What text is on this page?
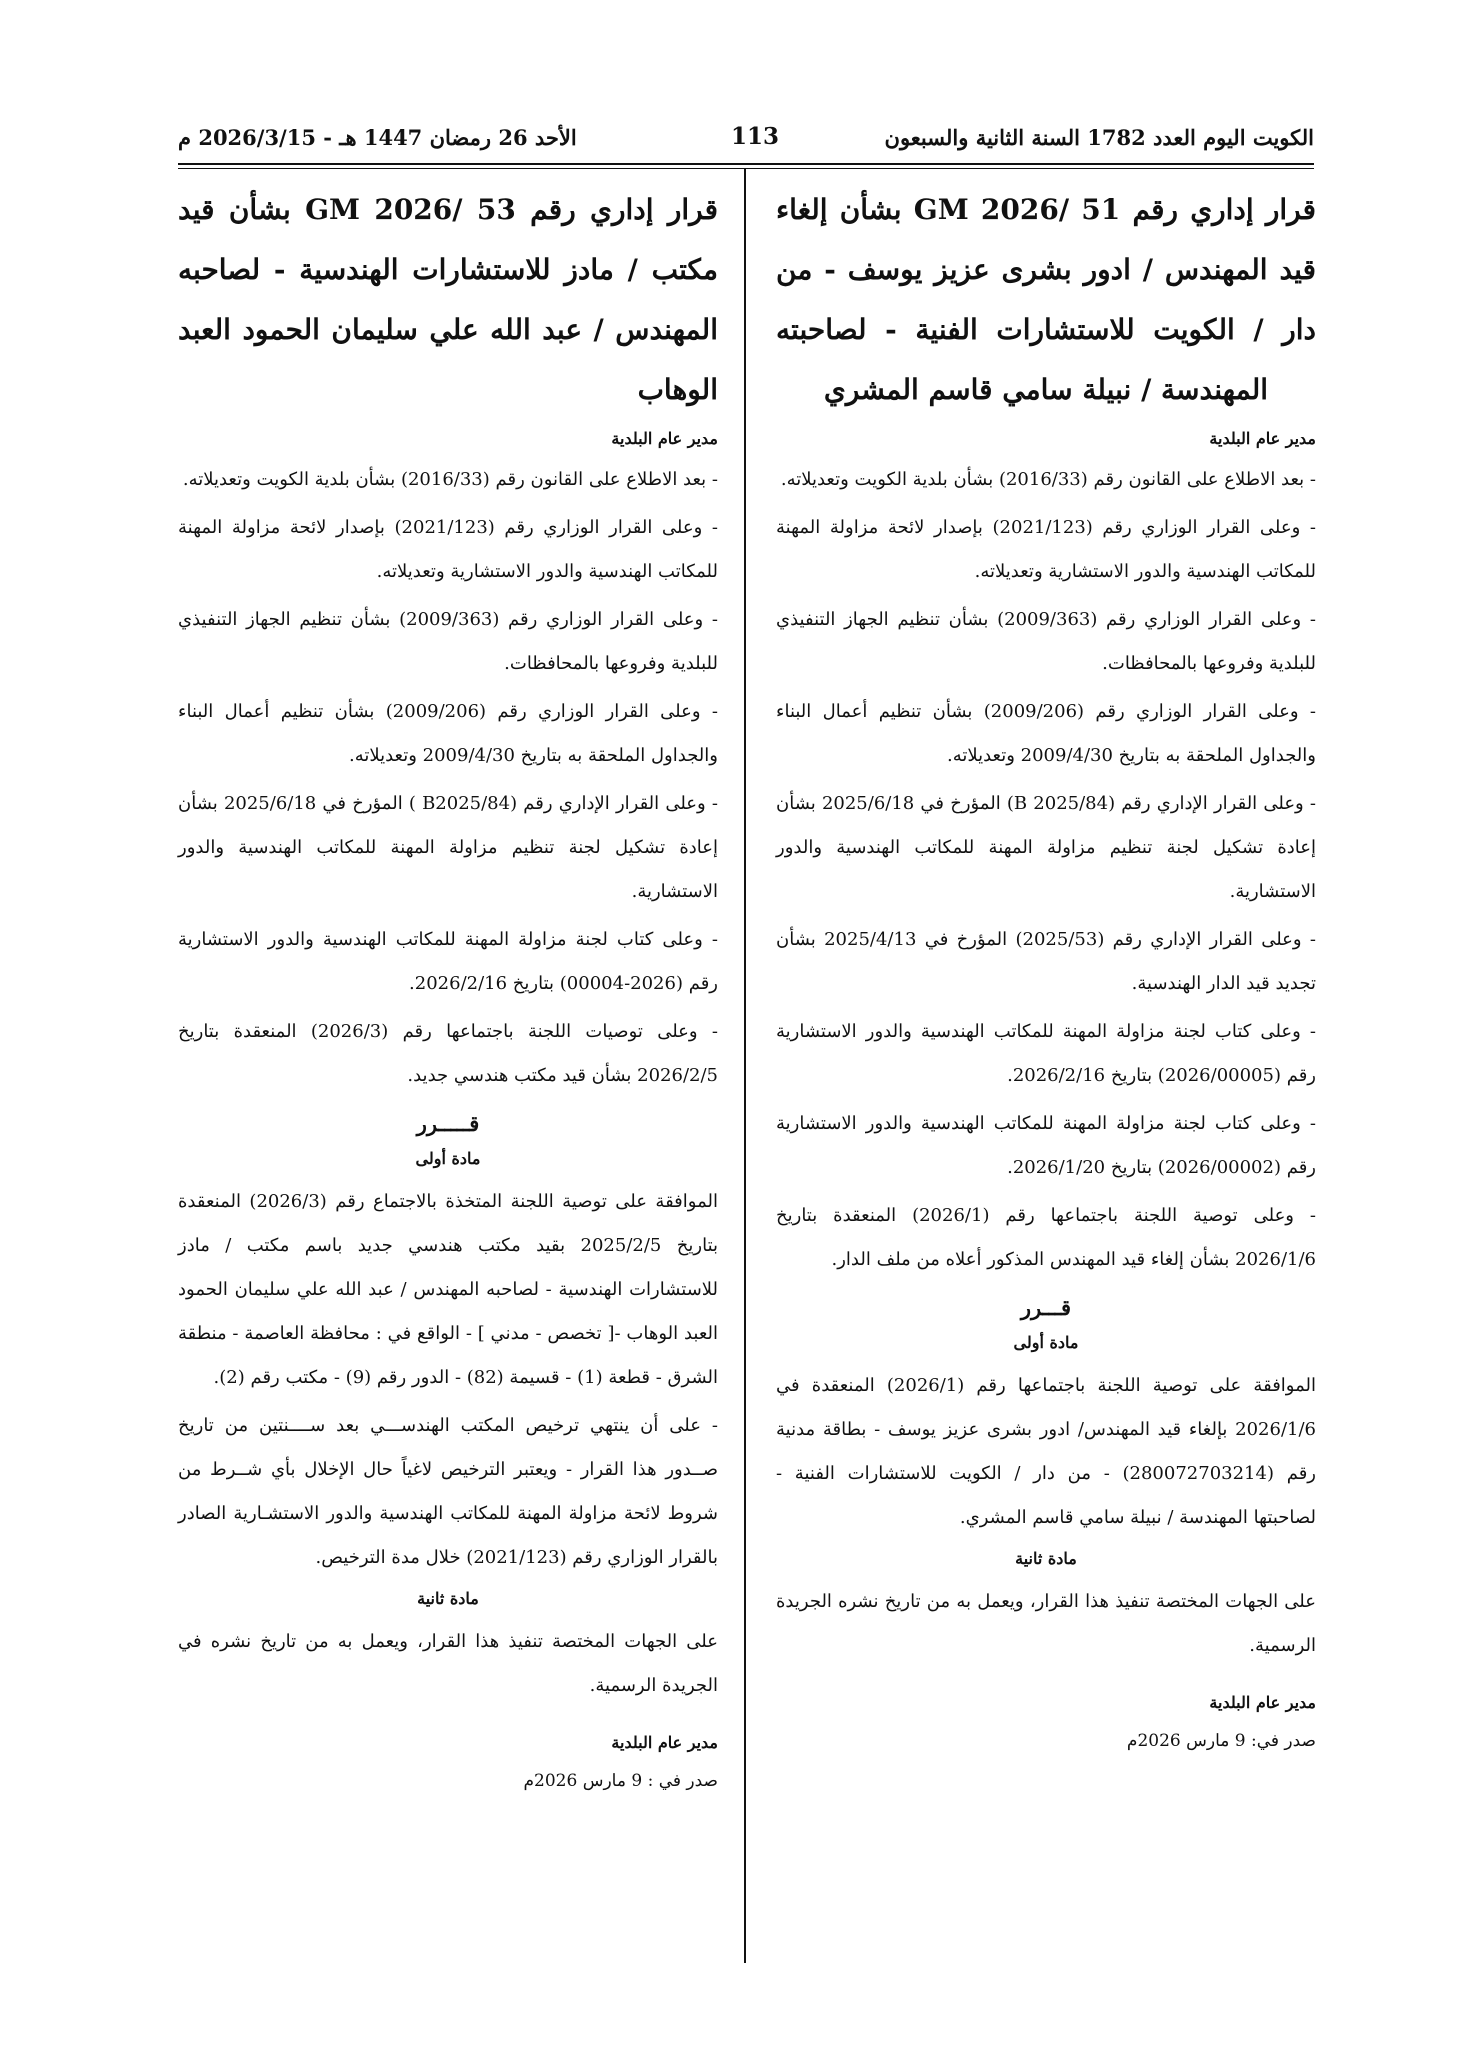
الأحد 26 رمضان 1447 هـ - 2026/3/15 م	113	الكويت اليوم العدد 1782 السنة الثانية والسبعون
قرار إداري رقم 51 /GM 2026 بشأن إلغاء قيد المهندس / ادور بشرى عزيز يوسف - من دار / الكويت للاستشارات الفنية - لصاحبته المهندسة / نبيلة سامي قاسم المشري
مدير عام البلدية
- بعد الاطلاع على القانون رقم (2016/33) بشأن بلدية الكويت وتعديلاته.
- وعلى القرار الوزاري رقم (2021/123) بإصدار لائحة مزاولة المهنة للمكاتب الهندسية والدور الاستشارية وتعديلاته.
- وعلى القرار الوزاري رقم (2009/363) بشأن تنظيم الجهاز التنفيذي للبلدية وفروعها بالمحافظات.
- وعلى القرار الوزاري رقم (2009/206) بشأن تنظيم أعمال البناء والجداول الملحقة به بتاريخ 2009/4/30 وتعديلاته.
- وعلى القرار الإداري رقم (B 2025/84) المؤرخ في 2025/6/18 بشأن إعادة تشكيل لجنة تنظيم مزاولة المهنة للمكاتب الهندسية والدور الاستشارية.
- وعلى القرار الإداري رقم (2025/53) المؤرخ في 2025/4/13 بشأن تجديد قيد الدار الهندسية.
- وعلى كتاب لجنة مزاولة المهنة للمكاتب الهندسية والدور الاستشارية رقم (2026/00005) بتاريخ 2026/2/16.
- وعلى كتاب لجنة مزاولة المهنة للمكاتب الهندسية والدور الاستشارية رقم (2026/00002) بتاريخ 2026/1/20.
- وعلى توصية اللجنة باجتماعها رقم (2026/1) المنعقدة بتاريخ 2026/1/6 بشأن إلغاء قيد المهندس المذكور أعلاه من ملف الدار.
قـــرر
مادة أولى
الموافقة على توصية اللجنة باجتماعها رقم (2026/1) المنعقدة في 2026/1/6 بإلغاء قيد المهندس/ ادور بشرى عزيز يوسف - بطاقة مدنية رقم (280072703214) - من دار / الكويت للاستشارات الفنية - لصاحبتها المهندسة / نبيلة سامي قاسم المشري.
مادة ثانية
على الجهات المختصة تنفيذ هذا القرار، ويعمل به من تاريخ نشره الجريدة الرسمية.
مدير عام البلدية
صدر في: 9 مارس 2026م
قرار إداري رقم 53 /GM 2026 بشأن قيد مكتب / مادز للاستشارات الهندسية - لصاحبه المهندس / عبد الله علي سليمان الحمود العبد الوهاب
مدير عام البلدية
- بعد الاطلاع على القانون رقم (2016/33) بشأن بلدية الكويت وتعديلاته.
- وعلى القرار الوزاري رقم (2021/123) بإصدار لائحة مزاولة المهنة للمكاتب الهندسية والدور الاستشارية وتعديلاته.
- وعلى القرار الوزاري رقم (2009/363) بشأن تنظيم الجهاز التنفيذي للبلدية وفروعها بالمحافظات.
- وعلى القرار الوزاري رقم (2009/206) بشأن تنظيم أعمال البناء والجداول الملحقة به بتاريخ 2009/4/30 وتعديلاته.
- وعلى القرار الإداري رقم (B2025/84 ) المؤرخ في 2025/6/18 بشأن إعادة تشكيل لجنة تنظيم مزاولة المهنة للمكاتب الهندسية والدور الاستشارية.
- وعلى كتاب لجنة مزاولة المهنة للمكاتب الهندسية والدور الاستشارية رقم (2026-00004) بتاريخ 2026/2/16.
- وعلى توصيات اللجنة باجتماعها رقم (2026/3) المنعقدة بتاريخ 2026/2/5 بشأن قيد مكتب هندسي جديد.
قـــــرر
مادة أولى
الموافقة على توصية اللجنة المتخذة بالاجتماع رقم (2026/3) المنعقدة بتاريخ 2025/2/5 بقيد مكتب هندسي جديد باسم مكتب / مادز للاستشارات الهندسية - لصاحبه المهندس / عبد الله علي سليمان الحمود العبد الوهاب -[ تخصص - مدني ] - الواقع في : محافظة العاصمة - منطقة الشرق - قطعة (1) - قسيمة (82) - الدور رقم (9) - مكتب رقم (2).
- على أن ينتهي ترخيص المكتب الهندســـي بعد ســــنتين من تاريخ صــدور هذا القرار - ويعتبر الترخيص لاغياً حال الإخلال بأي شــرط من شروط لائحة مزاولة المهنة للمكاتب الهندسية والدور الاستشـارية الصادر بالقرار الوزاري رقم (2021/123) خلال مدة الترخيص.
مادة ثانية
على الجهات المختصة تنفيذ هذا القرار، ويعمل به من تاريخ نشره في الجريدة الرسمية.
مدير عام البلدية
صدر في : 9 مارس 2026م
